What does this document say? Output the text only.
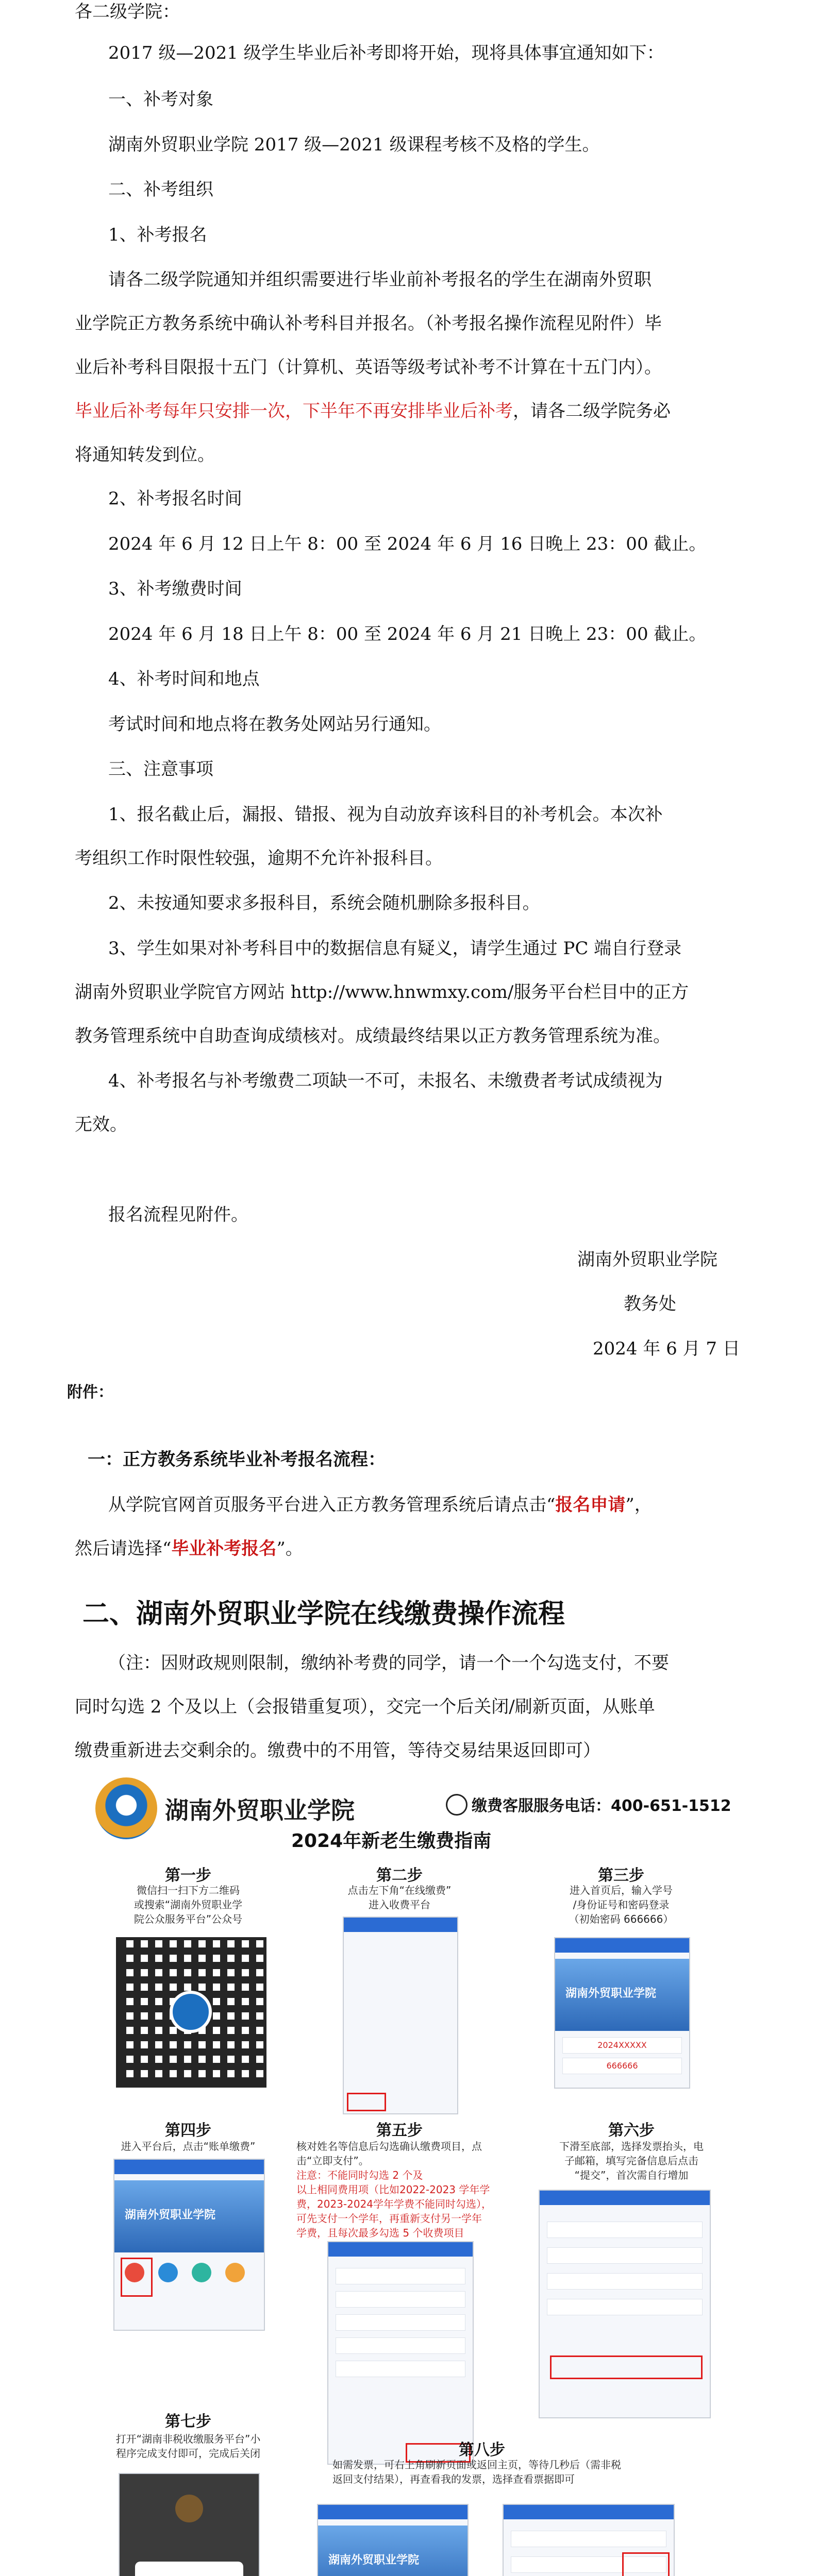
各二级学院：
2017 级—2021 级学生毕业后补考即将开始，现将具体事宜通知如下：
一、补考对象
湖南外贸职业学院 2017 级—2021 级课程考核不及格的学生。
二、补考组织
1、补考报名
请各二级学院通知并组织需要进行毕业前补考报名的学生在湖南外贸职
业学院正方教务系统中确认补考科目并报名。（补考报名操作流程见附件）毕
业后补考科目限报十五门（计算机、英语等级考试补考不计算在十五门内）。
毕业后补考每年只安排一次，下半年不再安排毕业后补考，请各二级学院务必
将通知转发到位。
2、补考报名时间
2024 年 6 月 12 日上午 8：00 至 2024 年 6 月 16 日晚上 23：00 截止。
3、补考缴费时间
2024 年 6 月 18 日上午 8：00 至 2024 年 6 月 21 日晚上 23：00 截止。
4、补考时间和地点
考试时间和地点将在教务处网站另行通知。
三、注意事项
1、报名截止后，漏报、错报、视为自动放弃该科目的补考机会。本次补
考组织工作时限性较强，逾期不允许补报科目。
2、未按通知要求多报科目，系统会随机删除多报科目。
3、学生如果对补考科目中的数据信息有疑义，请学生通过 PC 端自行登录
湖南外贸职业学院官方网站 http://www.hnwmxy.com/服务平台栏目中的正方
教务管理系统中自助查询成绩核对。成绩最终结果以正方教务管理系统为准。
4、补考报名与补考缴费二项缺一不可，未报名、未缴费者考试成绩视为
无效。
报名流程见附件。
湖南外贸职业学院
教务处
2024 年 6 月 7 日
附件：
一：正方教务系统毕业补考报名流程：
从学院官网首页服务平台进入正方教务管理系统后请点击“报名申请”，
然后请选择“毕业补考报名”。
二、湖南外贸职业学院在线缴费操作流程
（注：因财政规则限制，缴纳补考费的同学，请一个一个勾选支付，不要
同时勾选 2 个及以上（会报错重复项），交完一个后关闭/刷新页面，从账单
缴费重新进去交剩余的。缴费中的不用管，等待交易结果返回即可）
湖南外贸职业学院	缴费客服服务电话：400-651-1512
2024年新老生缴费指南
第一步
微信扫一扫下方二维码
或搜索“湖南外贸职业学
院公众服务平台”公众号
第二步
点击左下角“在线缴费”
进入收费平台
第三步
进入首页后，输入学号
/身份证号和密码登录
（初始密码 666666）
湖南外贸职业学院
2024XXXXX
666666
第四步
进入平台后，点击“账单缴费”
湖南外贸职业学院
第五步
核对姓名等信息后勾选确认缴费项目，点
击“立即支付”。
注意：不能同时勾选 2 个及
以上相同费用项（比如2022-2023 学年学
费，2023-2024学年学费不能同时勾选），
可先支付一个学年，再重新支付另一学年
学费，且每次最多勾选 5 个收费项目
第六步
下滑至底部，选择发票抬头，电
子邮箱，填写完备信息后点击
“提交”，首次需自行增加
第七步
打开“湖南非税收缴服务平台”小
程序完成支付即可，完成后关闭	第八步
如需发票，可右上角刷新页面或返回主页，等待几秒后（需非税
返回支付结果），再查看我的发票，选择查看票据即可
湖南外贸职业学院
